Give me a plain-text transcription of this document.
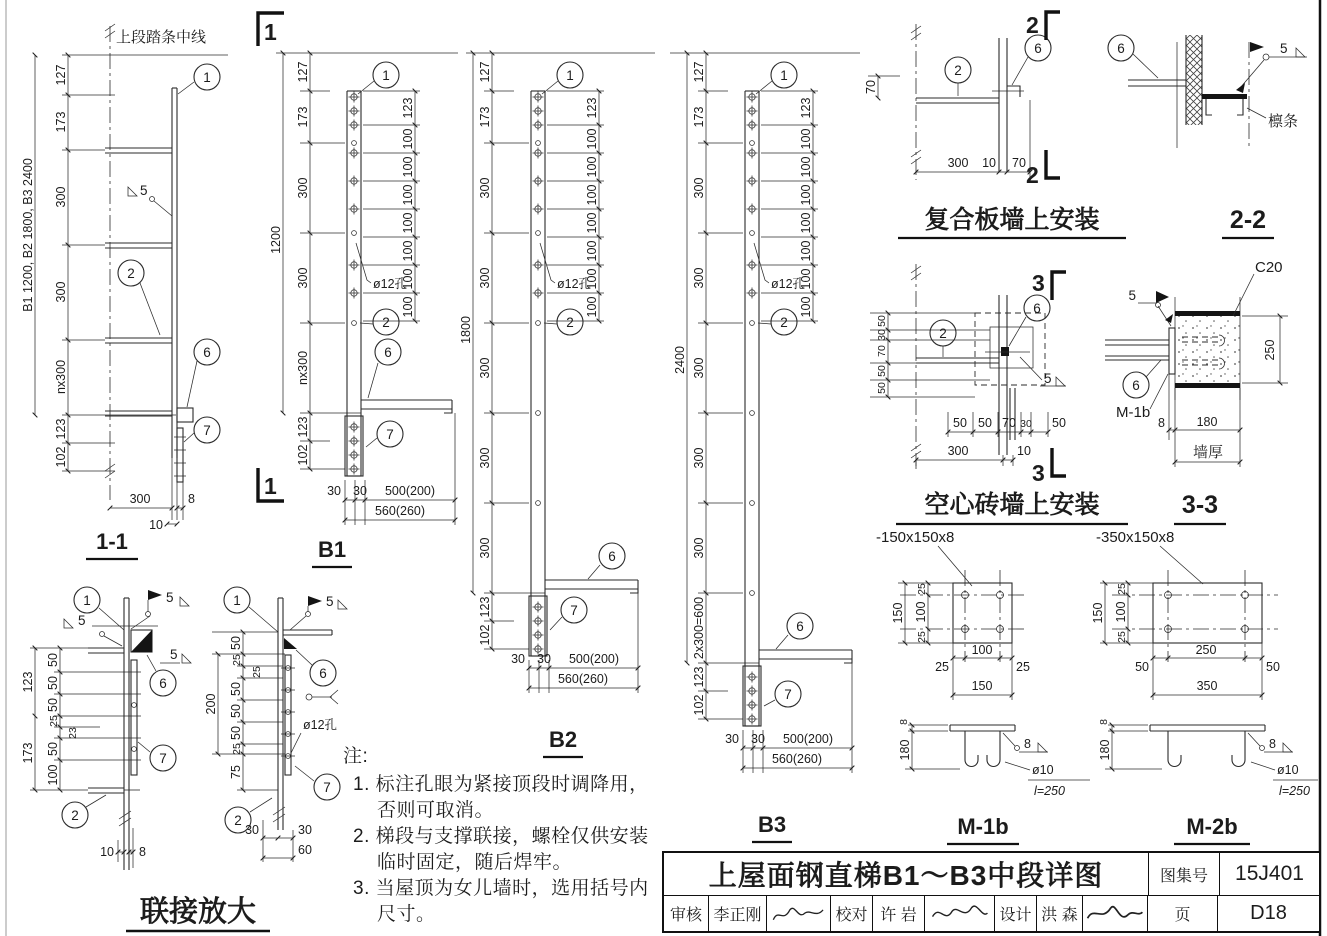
上段踏条中线
127
173
300
300
nx300
123
102
B1 1200, B2 1800, B3 2400	5
1
2
6
7
300
10
8
1
1
1-1
127
173
300
300
nx300
123
102
1200
123
100
100
100
100
100
100
100
ø12孔
1
2
6
7
30 30 500(200)
560(260)
B1
127
173
300
300
300
300
300
123
102
1800
123
100
100
100
100
100
100
100
ø12孔
1
2
6
7
30 30 500(200)
560(260)
B2
127
173
300
300
300
300
300
2x300=600
123
102
2400
123
100
100
100
100
100
100
100
ø12孔
1
2
6
7
30 30 500(200)
560(260)
B3
1	5
5
5
6
7
2
50
50
50
25
23
50
100
123
173
10 8
1	5
6
ø12孔
7
2
50
25
25
50
50
50
25
75
200
30	30
60
联接放大
70
2
6
2
2
300 10 70
复合板墙上安装
6	5
檩条
2-2
2
6
5
3
3
50
30
70
50
50
50 50 70 30 50
300	10
空心砖墙上安装
6
5
C20
M-1b
250
8	180
墙厚
3-3
-150x150x8
25
100
25
150
25
100
25
150
8
180	8
ø10
l=250
M-1b
-350x150x8
25
100
25
150
50
250
50
350
8
180	8
ø10
l=250
M-2b
注:
1. 标注孔眼为紧接顶段时调降用，
否则可取消。
2. 梯段与支撑联接，螺栓仅供安装
临时固定，随后焊牢。
3. 当屋顶为女儿墙时，选用括号内
尺寸。
上屋面钢直梯B1～B3中段详图	图集号	15J401
审核 李正刚	校对 许 岩	设计 洪 森	页	D18
